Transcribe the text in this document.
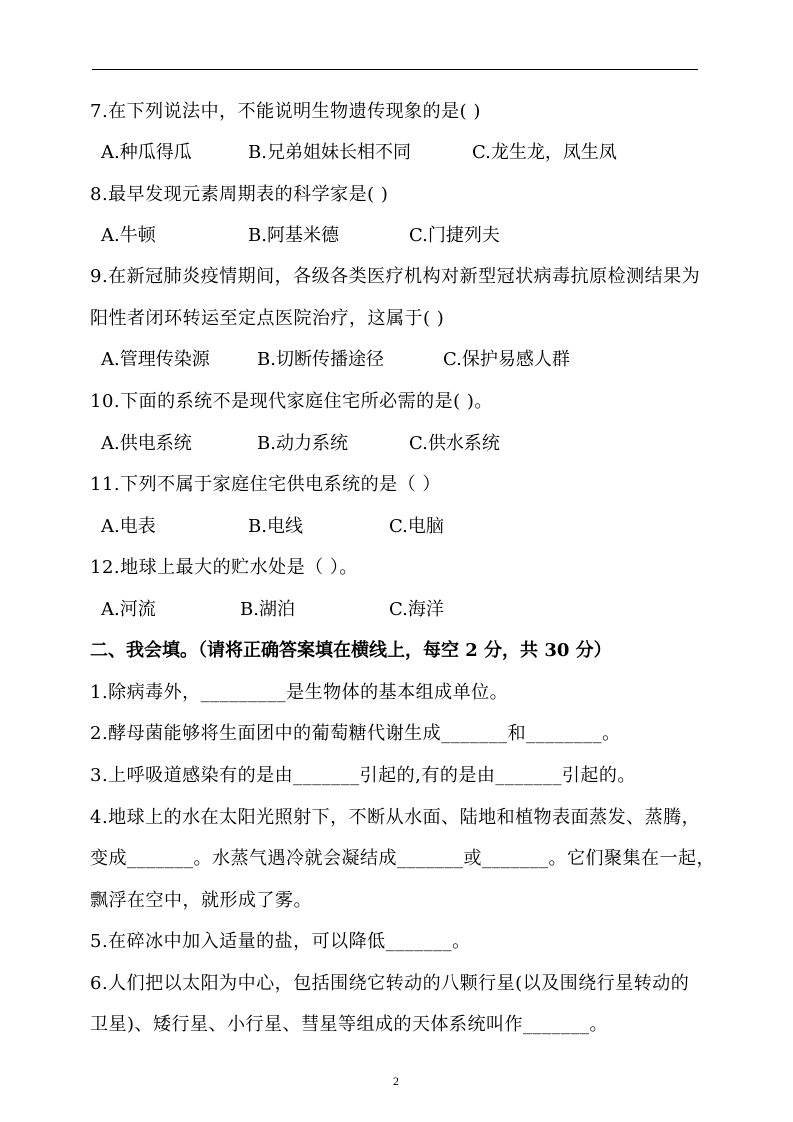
7.在下列说法中，不能说明生物遗传现象的是( )
A.种瓜得瓜	B.兄弟姐妹长相不同	C.龙生龙，凤生凤
8.最早发现元素周期表的科学家是( )
A.牛顿	B.阿基米德	C.门捷列夫
9.在新冠肺炎疫情期间，各级各类医疗机构对新型冠状病毒抗原检测结果为
阳性者闭环转运至定点医院治疗，这属于( )
A.管理传染源	B.切断传播途径	C.保护易感人群
10.下面的系统不是现代家庭住宅所必需的是( )。
A.供电系统	B.动力系统	C.供水系统
11.下列不属于家庭住宅供电系统的是（ ）
A.电表	B.电线	C.电脑
12.地球上最大的贮水处是（ ）。
A.河流	B.湖泊	C.海洋
二、我会填。（请将正确答案填在横线上，每空 2 分，共 30 分）
1.除病毒外，_________是生物体的基本组成单位。
2.酵母菌能够将生面团中的葡萄糖代谢生成_______和________。
3.上呼吸道感染有的是由_______引起的,有的是由_______引起的。
4.地球上的水在太阳光照射下，不断从水面、陆地和植物表面蒸发、蒸腾，
变成_______。水蒸气遇冷就会凝结成_______或_______。它们聚集在一起，
飘浮在空中，就形成了雾。
5.在碎冰中加入适量的盐，可以降低_______。
6.人们把以太阳为中心，包括围绕它转动的八颗行星(以及围绕行星转动的
卫星)、矮行星、小行星、彗星等组成的天体系统叫作_______。
2
